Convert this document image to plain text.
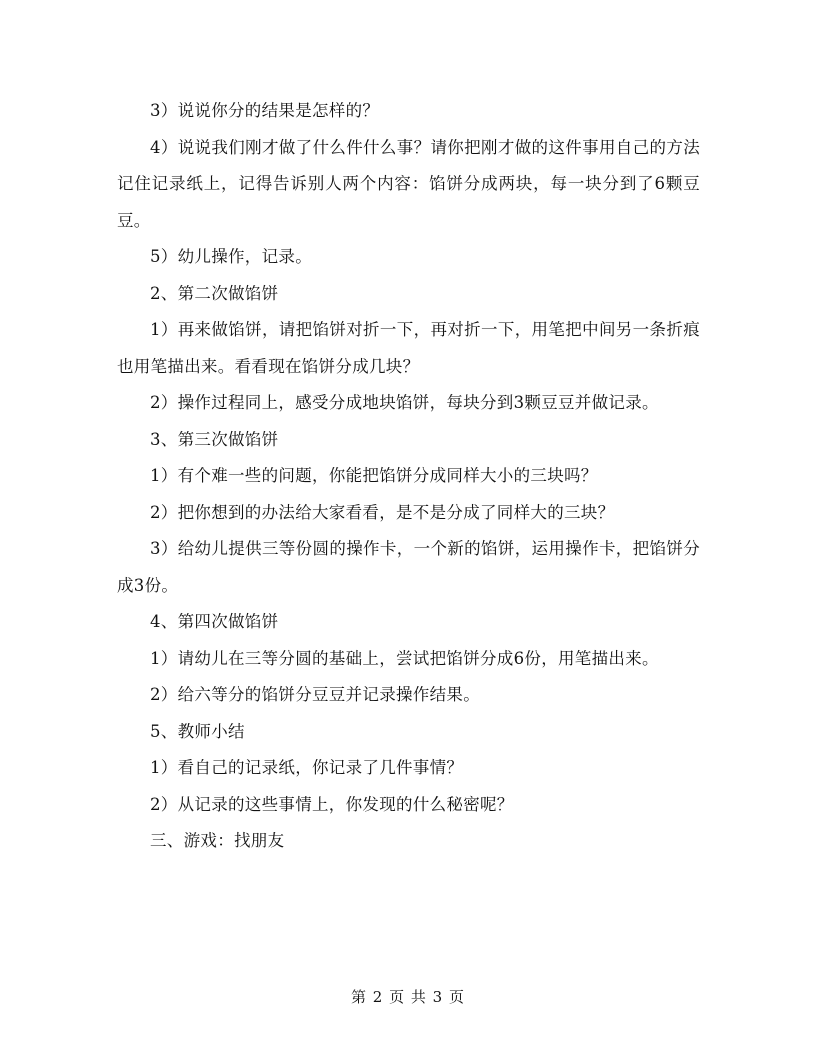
3）说说你分的结果是怎样的？

4）说说我们刚才做了什么件什么事？请你把刚才做的这件事用自己的方法记住记录纸上，记得告诉别人两个内容：馅饼分成两块，每一块分到了6颗豆豆。

5）幼儿操作，记录。

2、第二次做馅饼

1）再来做馅饼，请把馅饼对折一下，再对折一下，用笔把中间另一条折痕也用笔描出来。看看现在馅饼分成几块？

2）操作过程同上，感受分成地块馅饼，每块分到3颗豆豆并做记录。

3、第三次做馅饼

1）有个难一些的问题，你能把馅饼分成同样大小的三块吗？

2）把你想到的办法给大家看看，是不是分成了同样大的三块？

3）给幼儿提供三等份圆的操作卡，一个新的馅饼，运用操作卡，把馅饼分成3份。

4、第四次做馅饼

1）请幼儿在三等分圆的基础上，尝试把馅饼分成6份，用笔描出来。

2）给六等分的馅饼分豆豆并记录操作结果。

5、教师小结

1）看自己的记录纸，你记录了几件事情？

2）从记录的这些事情上，你发现的什么秘密呢？

三、游戏：找朋友

第 2 页 共 3 页
